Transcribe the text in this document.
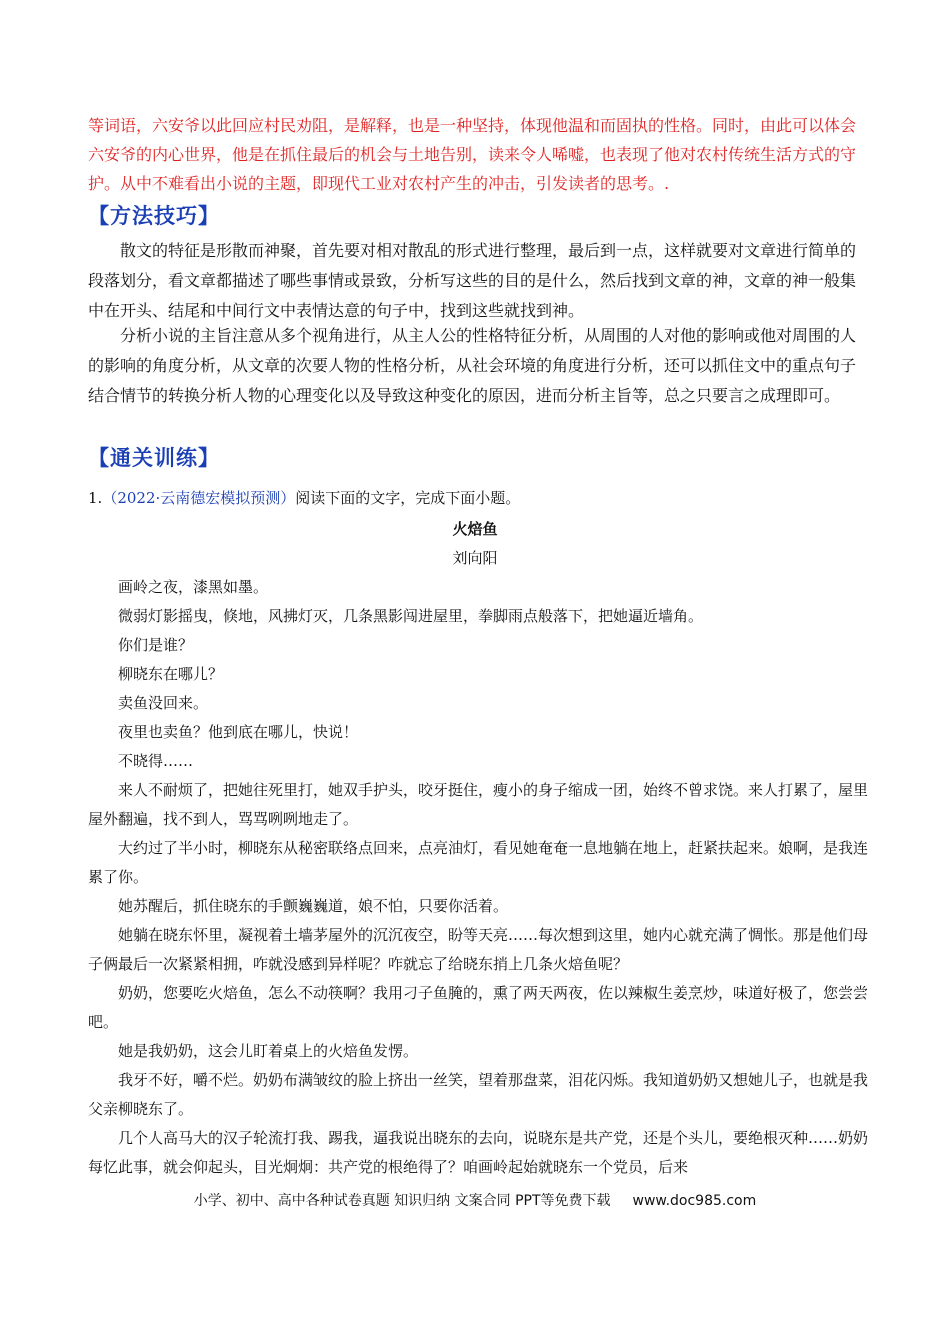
等词语，六安爷以此回应村民劝阻，是解释，也是一种坚持，体现他温和而固执的性格。同时，由此可以体会六安爷的内心世界，他是在抓住最后的机会与土地告别，读来令人唏嘘，也表现了他对农村传统生活方式的守护。从中不难看出小说的主题，即现代工业对农村产生的冲击，引发读者的思考。.
【方法技巧】
散文的特征是形散而神聚，首先要对相对散乱的形式进行整理，最后到一点，这样就要对文章进行简单的段落划分，看文章都描述了哪些事情或景致，分析写这些的目的是什么，然后找到文章的神，文章的神一般集中在开头、结尾和中间行文中表情达意的句子中，找到这些就找到神。
分析小说的主旨注意从多个视角进行，从主人公的性格特征分析，从周围的人对他的影响或他对周围的人的影响的角度分析，从文章的次要人物的性格分析，从社会环境的角度进行分析，还可以抓住文中的重点句子结合情节的转换分析人物的心理变化以及导致这种变化的原因，进而分析主旨等，总之只要言之成理即可。
【通关训练】
1.（2022·云南德宏模拟预测）阅读下面的文字，完成下面小题。
火焙鱼
刘向阳

画岭之夜，漆黑如墨。

微弱灯影摇曳，倏地，风拂灯灭，几条黑影闯进屋里，拳脚雨点般落下，把她逼近墙角。

你们是谁？

柳晓东在哪儿？

卖鱼没回来。

夜里也卖鱼？他到底在哪儿，快说！

不晓得……

来人不耐烦了，把她往死里打，她双手护头，咬牙挺住，瘦小的身子缩成一团，始终不曾求饶。来人打累了，屋里屋外翻遍，找不到人，骂骂咧咧地走了。

大约过了半小时，柳晓东从秘密联络点回来，点亮油灯，看见她奄奄一息地躺在地上，赶紧扶起来。娘啊，是我连累了你。

她苏醒后，抓住晓东的手颤巍巍道，娘不怕，只要你活着。

她躺在晓东怀里，凝视着土墙茅屋外的沉沉夜空，盼等天亮……每次想到这里，她内心就充满了惆怅。那是他们母子俩最后一次紧紧相拥，咋就没感到异样呢？咋就忘了给晓东捎上几条火焙鱼呢？

奶奶，您要吃火焙鱼，怎么不动筷啊？我用刁子鱼腌的，熏了两天两夜，佐以辣椒生姜烹炒，味道好极了，您尝尝吧。

她是我奶奶，这会儿盯着桌上的火焙鱼发愣。

我牙不好，嚼不烂。奶奶布满皱纹的脸上挤出一丝笑，望着那盘菜，泪花闪烁。我知道奶奶又想她儿子，也就是我父亲柳晓东了。

几个人高马大的汉子轮流打我、踢我，逼我说出晓东的去向，说晓东是共产党，还是个头儿，要绝根灭种……奶奶每忆此事，就会仰起头，目光炯炯：共产党的根绝得了？咱画岭起始就晓东一个党员，后来

小学、初中、高中各种试卷真题 知识归纳 文案合同 PPT等免费下载 www.doc985.com
